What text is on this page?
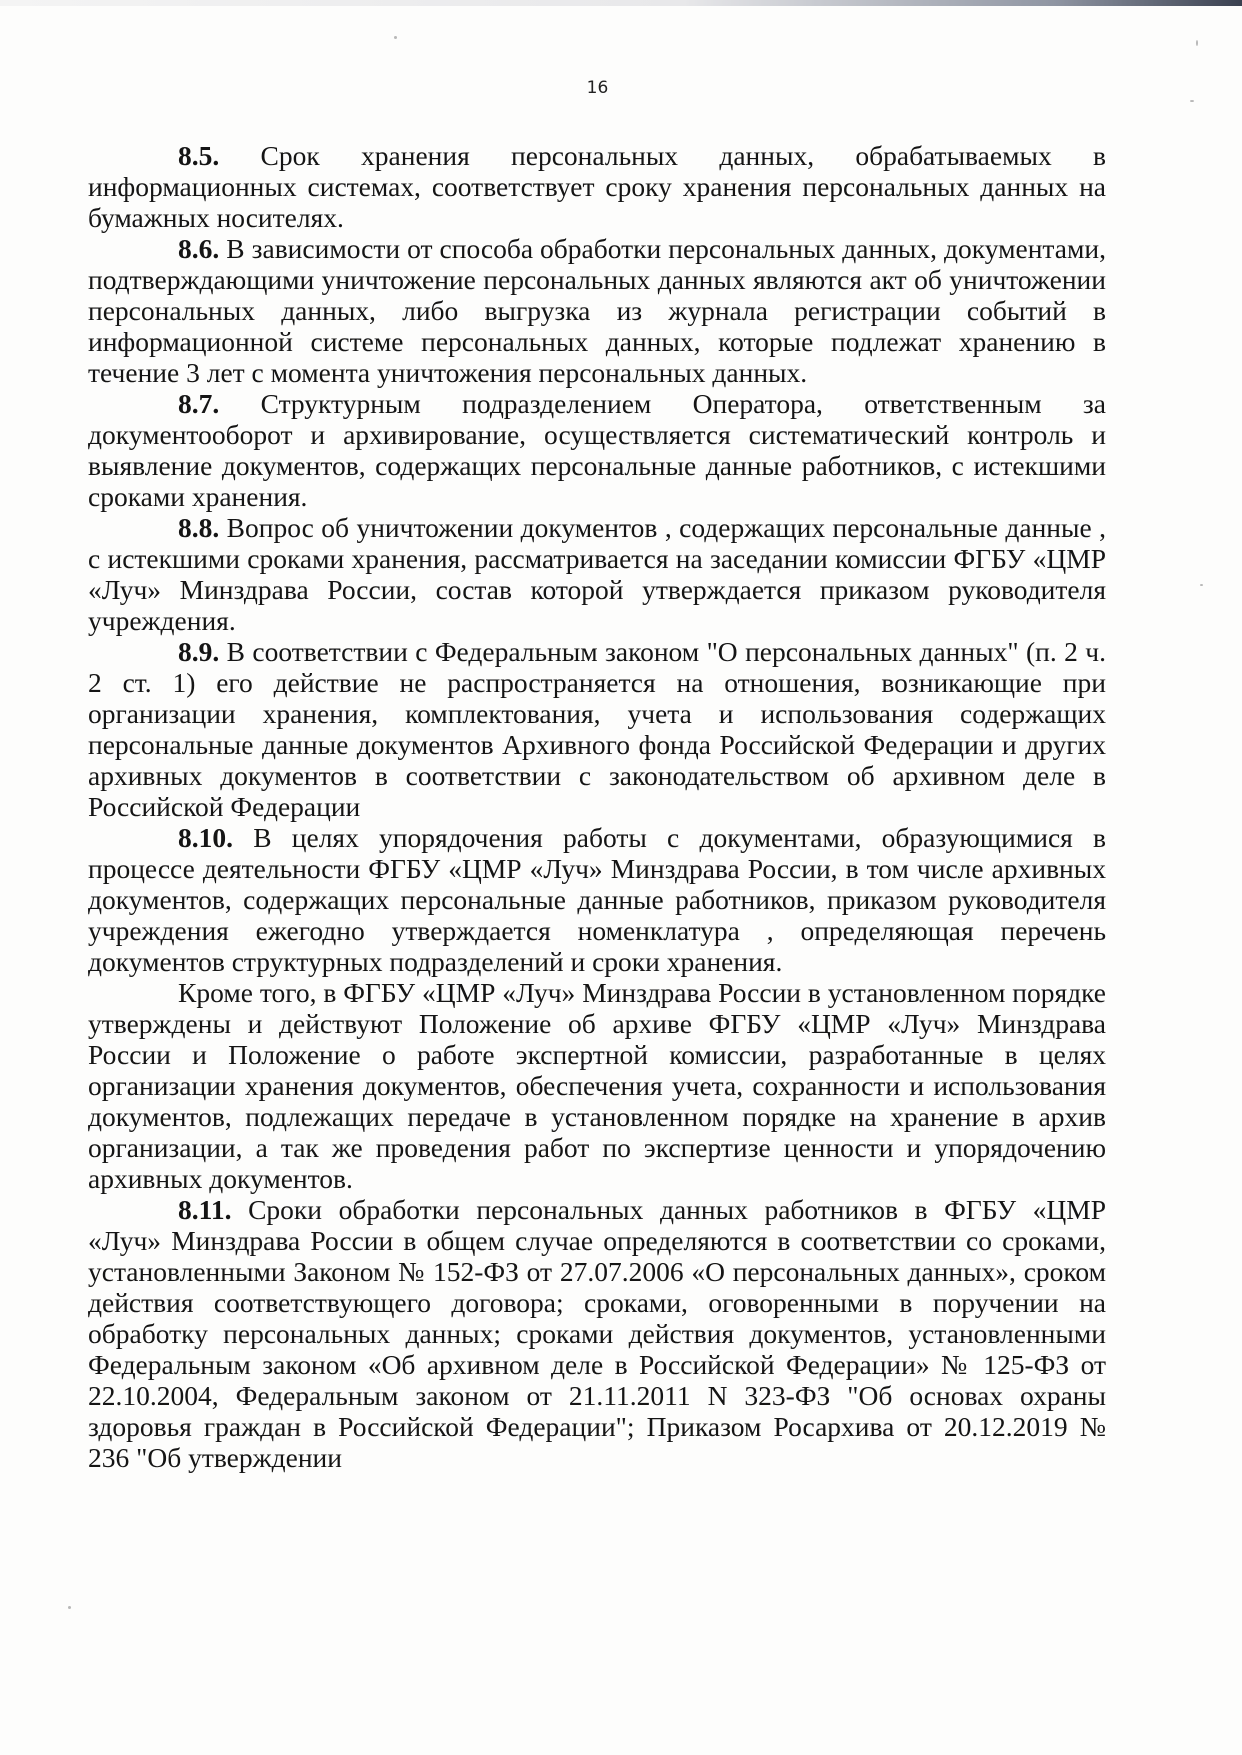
16

8.5. Срок хранения персональных данных, обрабатываемых в информационных системах, соответствует сроку хранения персональных данных на бумажных носителях.

8.6. В зависимости от способа обработки персональных данных, документами, подтверждающими уничтожение персональных данных являются акт об уничтожении персональных данных, либо выгрузка из журнала регистрации событий в информационной системе персональных данных, которые подлежат хранению в течение 3 лет с момента уничтожения персональных данных.

8.7. Структурным подразделением Оператора, ответственным за документооборот и архивирование, осуществляется систематический контроль и выявление документов, содержащих персональные данные работников, с истекшими сроками хранения.

8.8. Вопрос об уничтожении документов , содержащих персональные данные , с истекшими сроками хранения, рассматривается на заседании комиссии ФГБУ «ЦМР «Луч» Минздрава России, состав которой утверждается приказом руководителя учреждения.

8.9. В соответствии с Федеральным законом "О персональных данных" (п. 2 ч. 2 ст. 1) его действие не распространяется на отношения, возникающие при организации хранения, комплектования, учета и использования содержащих персональные данные документов Архивного фонда Российской Федерации и других архивных документов в соответствии с законодательством об архивном деле в Российской Федерации

8.10. В целях упорядочения работы с документами, образующимися в процессе деятельности ФГБУ «ЦМР «Луч» Минздрава России, в том числе архивных документов, содержащих персональные данные работников, приказом руководителя учреждения ежегодно утверждается номенклатура , определяющая перечень документов структурных подразделений и сроки хранения.

Кроме того, в ФГБУ «ЦМР «Луч» Минздрава России в установленном порядке утверждены и действуют Положение об архиве ФГБУ «ЦМР «Луч» Минздрава России и Положение о работе экспертной комиссии, разработанные в целях организации хранения документов, обеспечения учета, сохранности и использования документов, подлежащих передаче в установленном порядке на хранение в архив организации, а так же проведения работ по экспертизе ценности и упорядочению архивных документов.

8.11. Сроки обработки персональных данных работников в ФГБУ «ЦМР «Луч» Минздрава России в общем случае определяются в соответствии со сроками, установленными Законом № 152-ФЗ от 27.07.2006 «О персональных данных», сроком действия соответствующего договора; сроками, оговоренными в поручении на обработку персональных данных; сроками действия документов, установленными Федеральным законом «Об архивном деле в Российской Федерации» № 125-ФЗ от 22.10.2004, Федеральным законом от 21.11.2011 N 323-ФЗ "Об основах охраны здоровья граждан в Российской Федерации"; Приказом Росархива от 20.12.2019 № 236 "Об утверждении
